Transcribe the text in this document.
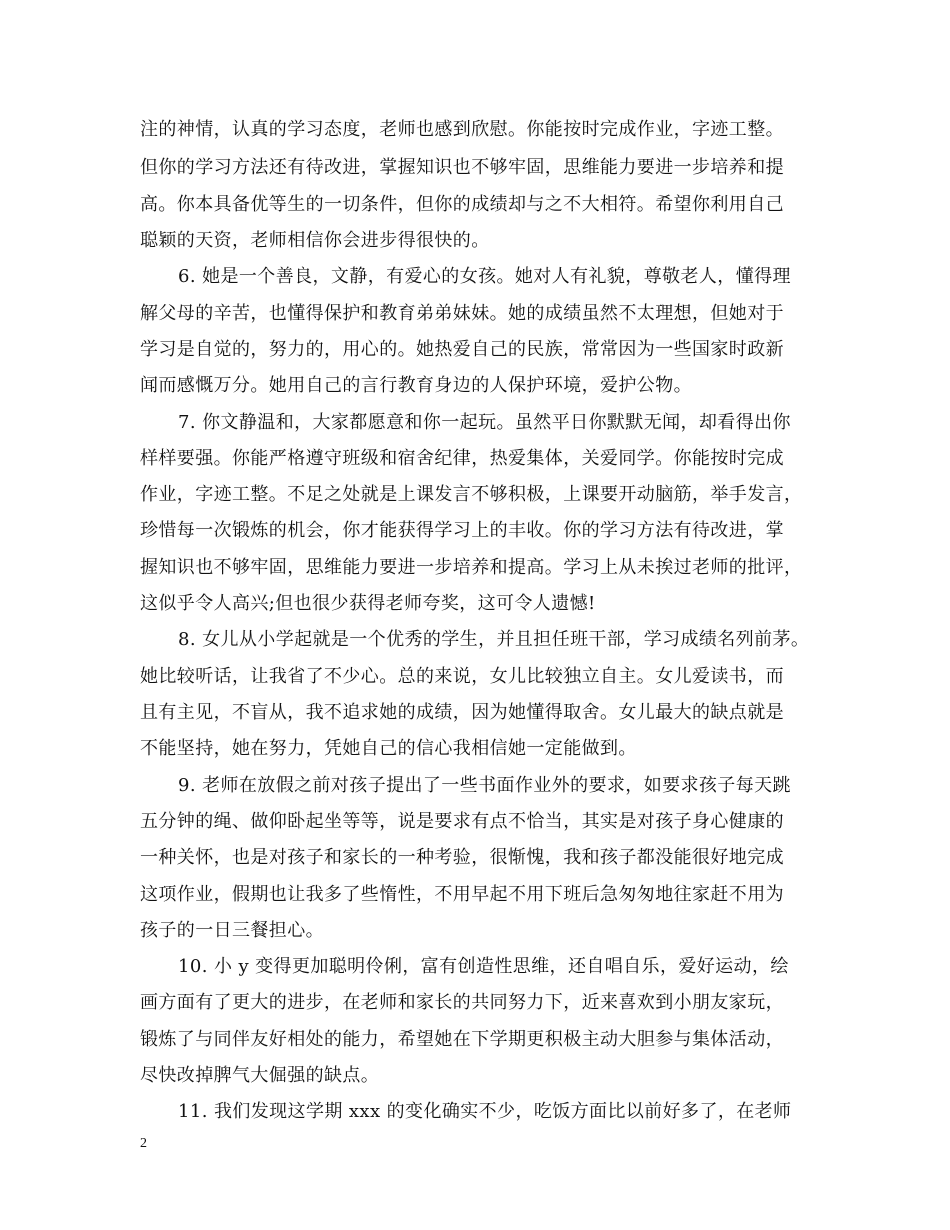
注的神情，认真的学习态度，老师也感到欣慰。你能按时完成作业，字迹工整。
但你的学习方法还有待改进，掌握知识也不够牢固，思维能力要进一步培养和提
高。你本具备优等生的一切条件，但你的成绩却与之不大相符。希望你利用自己
聪颖的天资，老师相信你会进步得很快的。
6. 她是一个善良，文静，有爱心的女孩。她对人有礼貌，尊敬老人，懂得理
解父母的辛苦，也懂得保护和教育弟弟妹妹。她的成绩虽然不太理想，但她对于
学习是自觉的，努力的，用心的。她热爱自己的民族，常常因为一些国家时政新
闻而感慨万分。她用自己的言行教育身边的人保护环境，爱护公物。
7. 你文静温和，大家都愿意和你一起玩。虽然平日你默默无闻，却看得出你
样样要强。你能严格遵守班级和宿舍纪律，热爱集体，关爱同学。你能按时完成
作业，字迹工整。不足之处就是上课发言不够积极，上课要开动脑筋，举手发言，
珍惜每一次锻炼的机会，你才能获得学习上的丰收。你的学习方法有待改进，掌
握知识也不够牢固，思维能力要进一步培养和提高。学习上从未挨过老师的批评，
这似乎令人高兴;但也很少获得老师夸奖，这可令人遗憾!
8. 女儿从小学起就是一个优秀的学生，并且担任班干部，学习成绩名列前茅。
她比较听话，让我省了不少心。总的来说，女儿比较独立自主。女儿爱读书，而
且有主见，不盲从，我不追求她的成绩，因为她懂得取舍。女儿最大的缺点就是
不能坚持，她在努力，凭她自己的信心我相信她一定能做到。
9. 老师在放假之前对孩子提出了一些书面作业外的要求，如要求孩子每天跳
五分钟的绳、做仰卧起坐等等，说是要求有点不恰当，其实是对孩子身心健康的
一种关怀，也是对孩子和家长的一种考验，很惭愧，我和孩子都没能很好地完成
这项作业，假期也让我多了些惰性，不用早起不用下班后急匆匆地往家赶不用为
孩子的一日三餐担心。
10. 小 y 变得更加聪明伶俐，富有创造性思维，还自唱自乐，爱好运动，绘
画方面有了更大的进步，在老师和家长的共同努力下，近来喜欢到小朋友家玩，
锻炼了与同伴友好相处的能力，希望她在下学期更积极主动大胆参与集体活动，
尽快改掉脾气大倔强的缺点。
11. 我们发现这学期 xxx 的变化确实不少，吃饭方面比以前好多了，在老师
2
